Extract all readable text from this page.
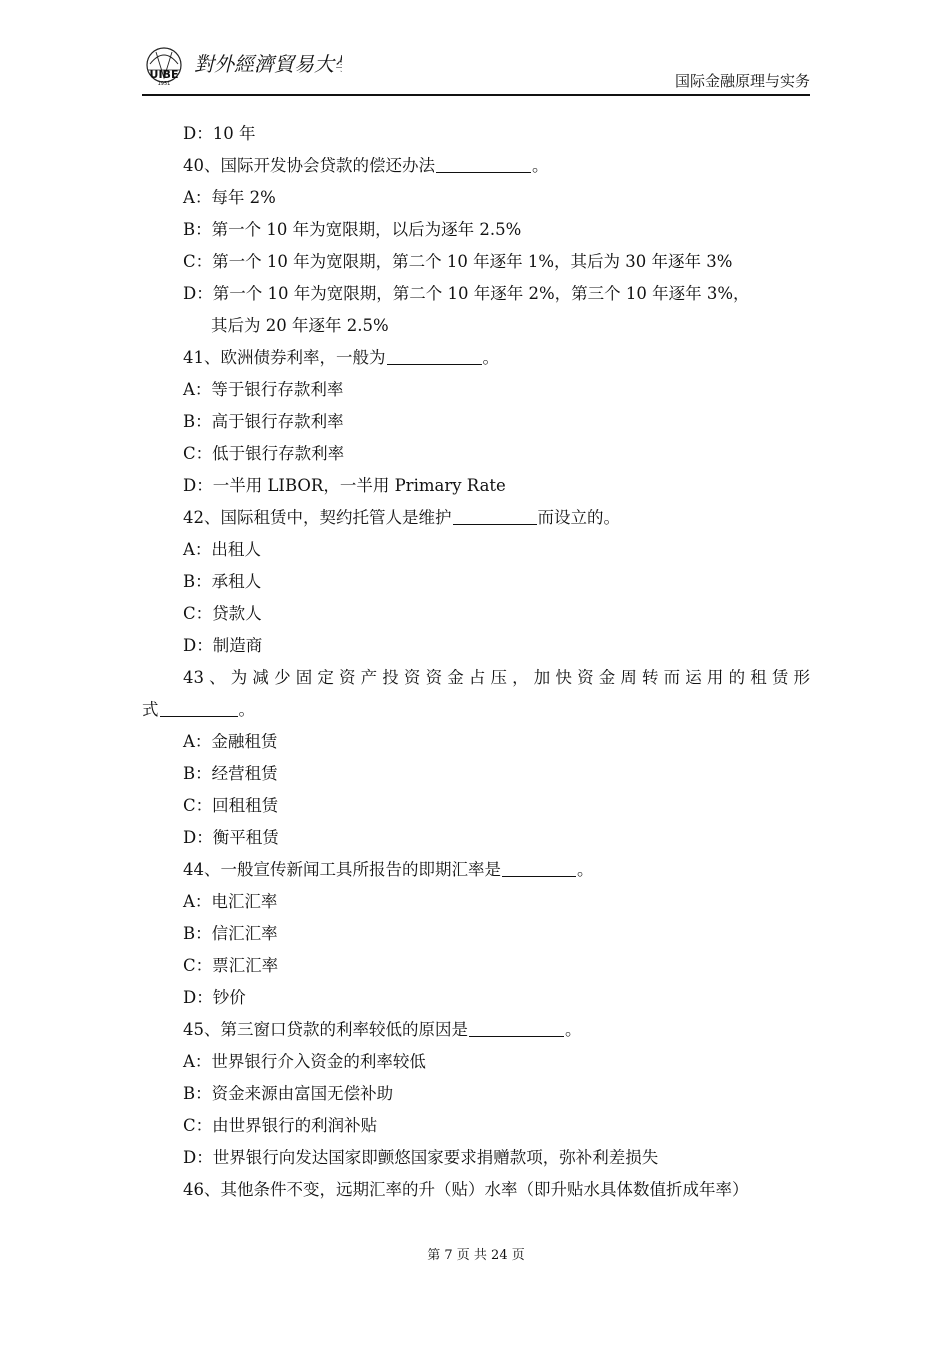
UIBE
1951
對外經濟貿易大學
国际金融原理与实务
D：10 年
40、国际开发协会贷款的偿还办法	。
A：每年 2%
B：第一个 10 年为宽限期，以后为逐年 2.5%
C：第一个 10 年为宽限期，第二个 10 年逐年 1%，其后为 30 年逐年 3%
D：第一个 10 年为宽限期，第二个 10 年逐年 2%，第三个 10 年逐年 3%，
其后为 20 年逐年 2.5%
41、欧洲债券利率，一般为	。
A：等于银行存款利率
B：高于银行存款利率
C：低于银行存款利率
D：一半用 LIBOR，一半用 Primary Rate
42、国际租赁中，契约托管人是维护	而设立的。
A：出租人
B：承租人
C：贷款人
D：制造商
43、为减少固定资产投资资金占压，加快资金周转而运用的租赁形
式	。
A：金融租赁
B：经营租赁
C：回租租赁
D：衡平租赁
44、一般宣传新闻工具所报告的即期汇率是	。
A：电汇汇率
B：信汇汇率
C：票汇汇率
D：钞价
45、第三窗口贷款的利率较低的原因是	。
A：世界银行介入资金的利率较低
B：资金来源由富国无偿补助
C：由世界银行的利润补贴
D：世界银行向发达国家即颤悠国家要求捐赠款项，弥补利差损失
46、其他条件不变，远期汇率的升（贴）水率（即升贴水具体数值折成年率）
第 7 页 共 24 页
